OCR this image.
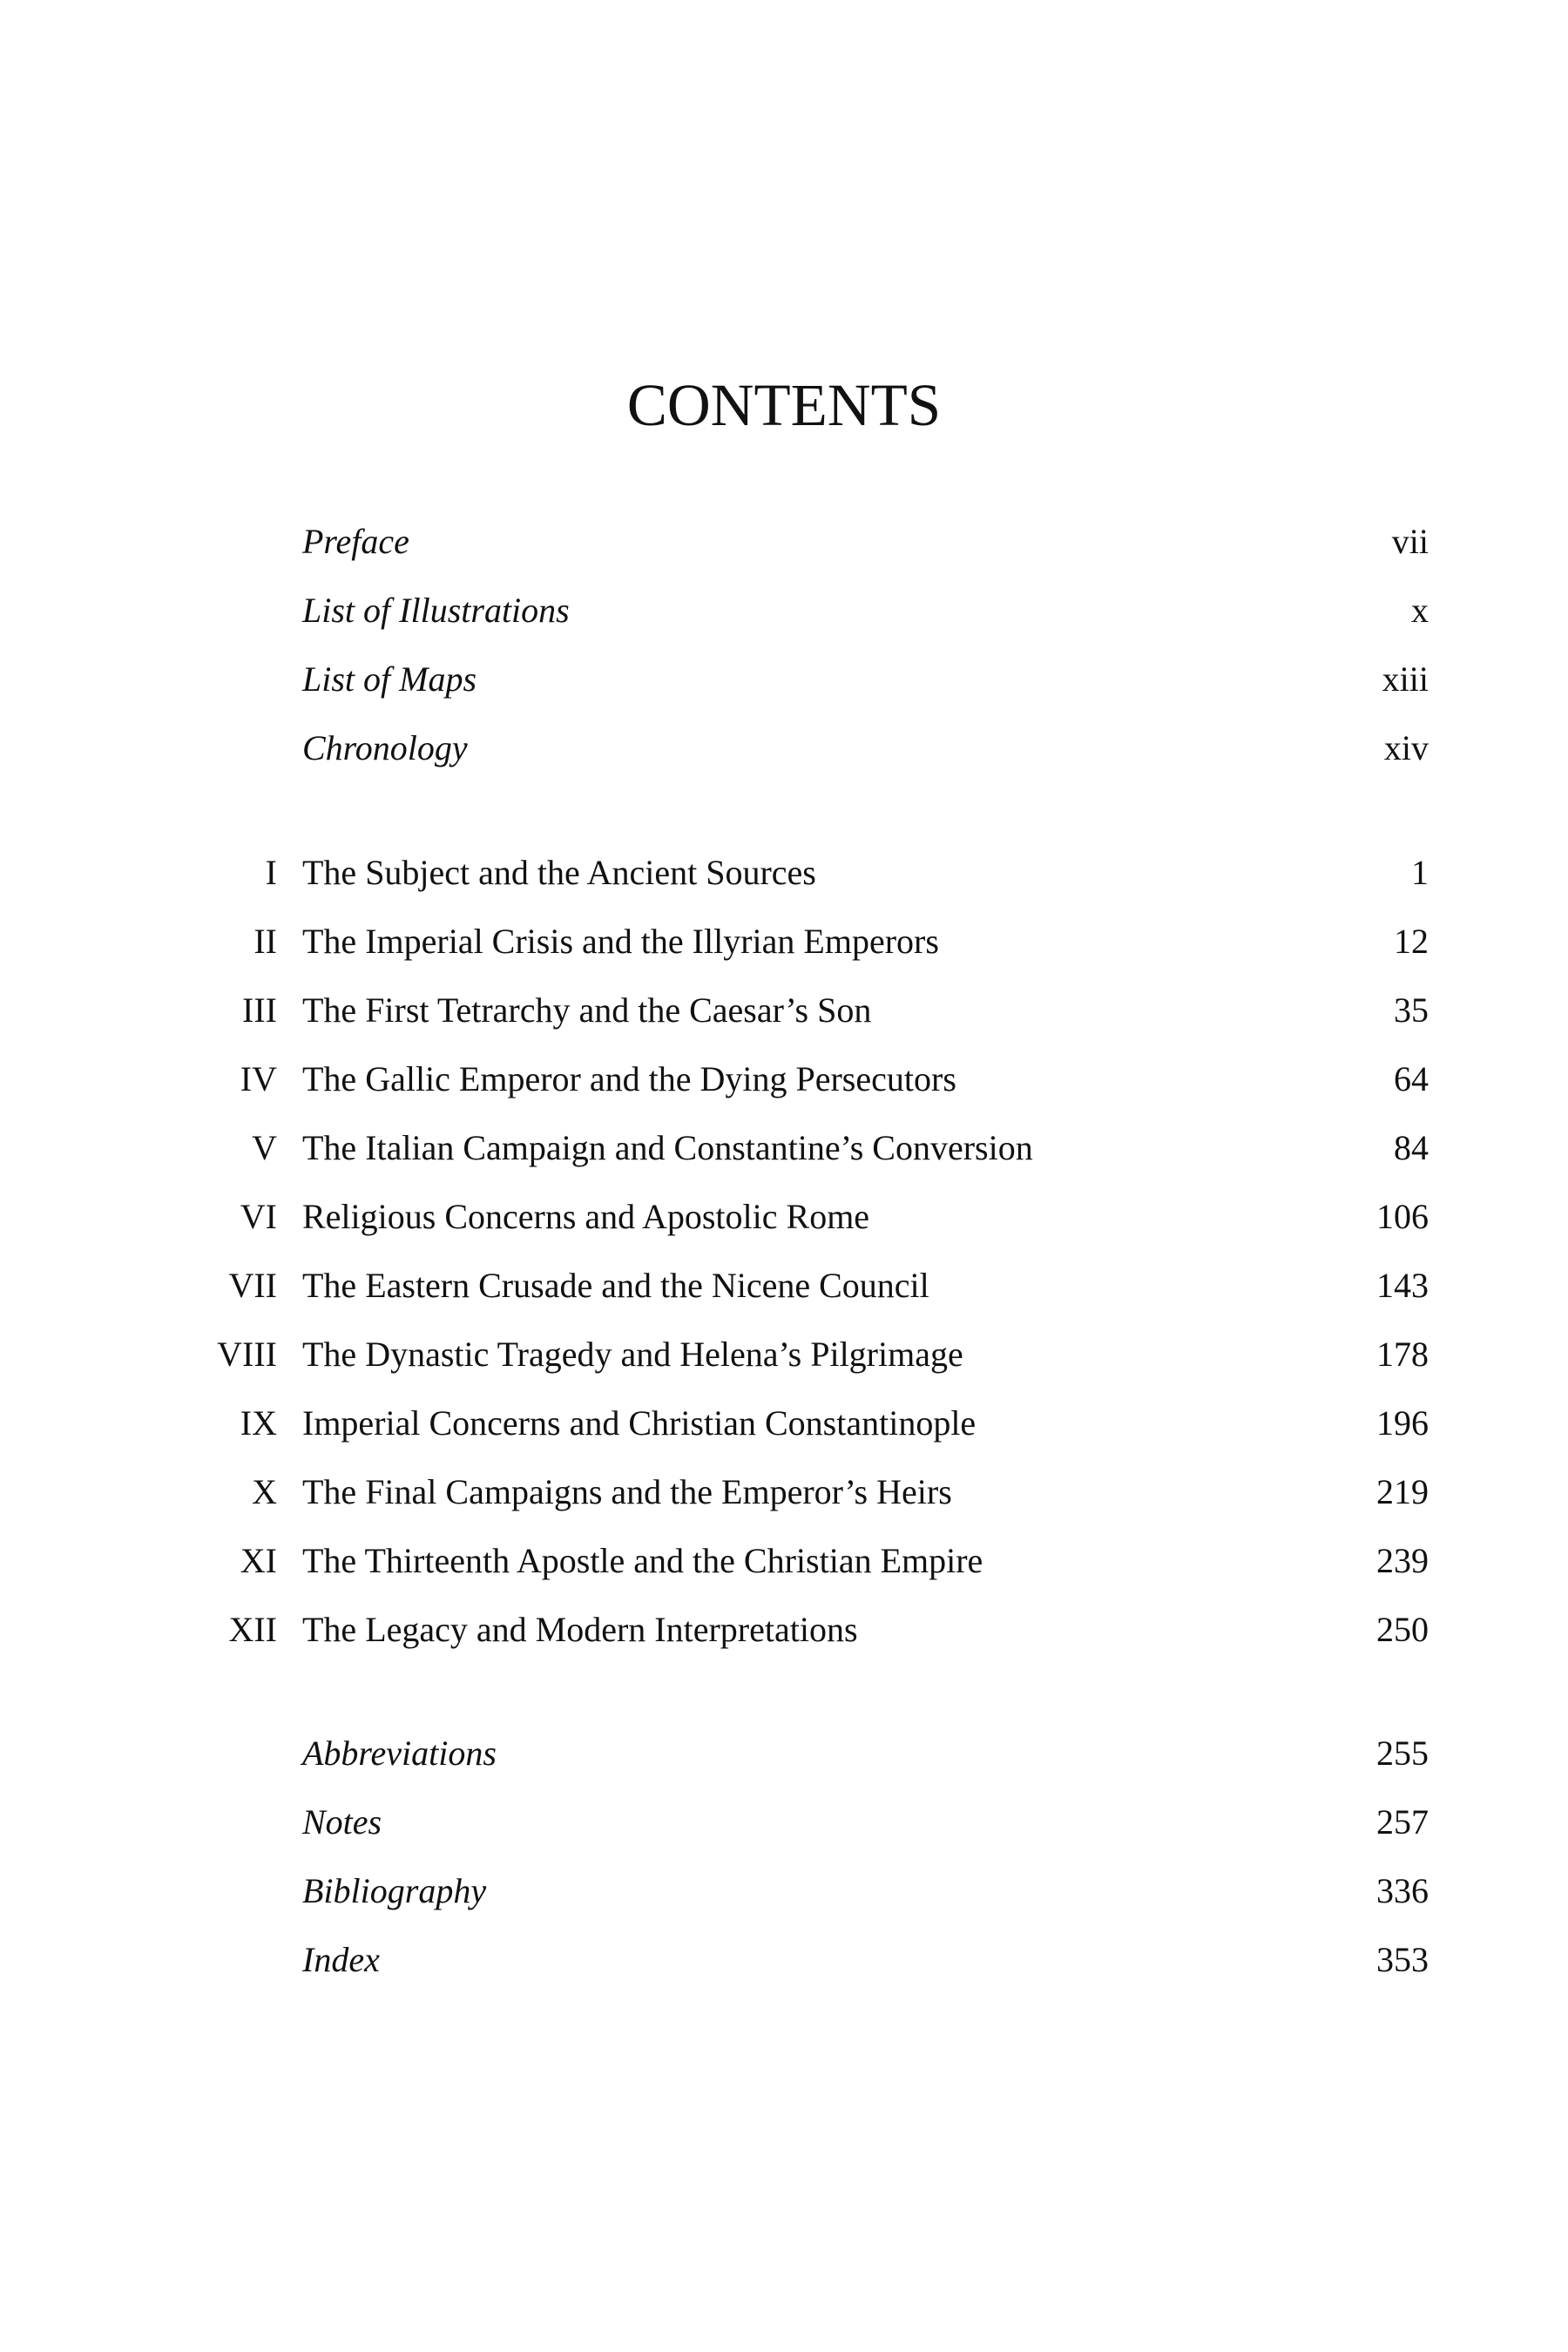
CONTENTS
Preface	vii
List of Illustrations	x
List of Maps	xiii
Chronology	xiv
I The Subject and the Ancient Sources	1
II The Imperial Crisis and the Illyrian Emperors	12
III The First Tetrarchy and the Caesar’s Son	35
IV The Gallic Emperor and the Dying Persecutors	64
V The Italian Campaign and Constantine’s Conversion	84
VI Religious Concerns and Apostolic Rome	106
VII The Eastern Crusade and the Nicene Council	143
VIII The Dynastic Tragedy and Helena’s Pilgrimage	178
IX Imperial Concerns and Christian Constantinople	196
X The Final Campaigns and the Emperor’s Heirs	219
XI The Thirteenth Apostle and the Christian Empire	239
XII The Legacy and Modern Interpretations	250
Abbreviations	255
Notes	257
Bibliography	336
Index	353
